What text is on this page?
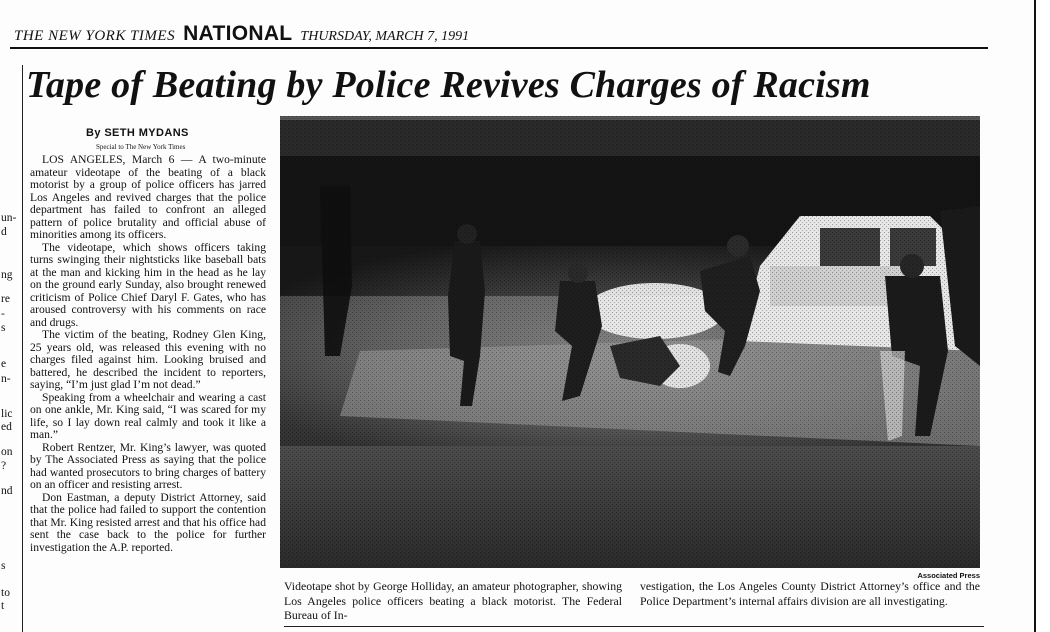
THE NEW YORK TIMES NATIONAL THURSDAY, MARCH 7, 1991
un-
d
ng
re
-
s
e
n-
lic
ed
on
?
nd
s
to
t
Tape of Beating by Police Revives Charges of Racism
By SETH MYDANS
Special to The New York Times

LOS ANGELES, March 6 — A two-minute amateur videotape of the beating of a black motorist by a group of police officers has jarred Los Angeles and revived charges that the police department has failed to confront an alleged pattern of police brutality and official abuse of minorities among its officers.

The videotape, which shows officers taking turns swinging their nightsticks like baseball bats at the man and kicking him in the head as he lay on the ground early Sunday, also brought renewed criticism of Police Chief Daryl F. Gates, who has aroused controversy with his comments on race and drugs.

The victim of the beating, Rodney Glen King, 25 years old, was released this evening with no charges filed against him. Looking bruised and battered, he described the incident to reporters, saying, “I’m just glad I’m not dead.”

Speaking from a wheelchair and wearing a cast on one ankle, Mr. King said, “I was scared for my life, so I lay down real calmly and took it like a man.”

Robert Rentzer, Mr. King’s lawyer, was quoted by The Associated Press as saying that the police had wanted prosecutors to bring charges of battery on an officer and resisting arrest.

Don Eastman, a deputy District Attorney, said that the police had failed to support the contention that Mr. King resisted arrest and that his office had sent the case back to the police for further investigation the A.P. reported.

Associated Press
Videotape shot by George Holliday, an amateur photographer, showing Los Angeles police officers beating a black motorist. The Federal Bureau of In-
vestigation, the Los Angeles County District Attorney’s office and the Police Department’s internal affairs division are all investigating.
